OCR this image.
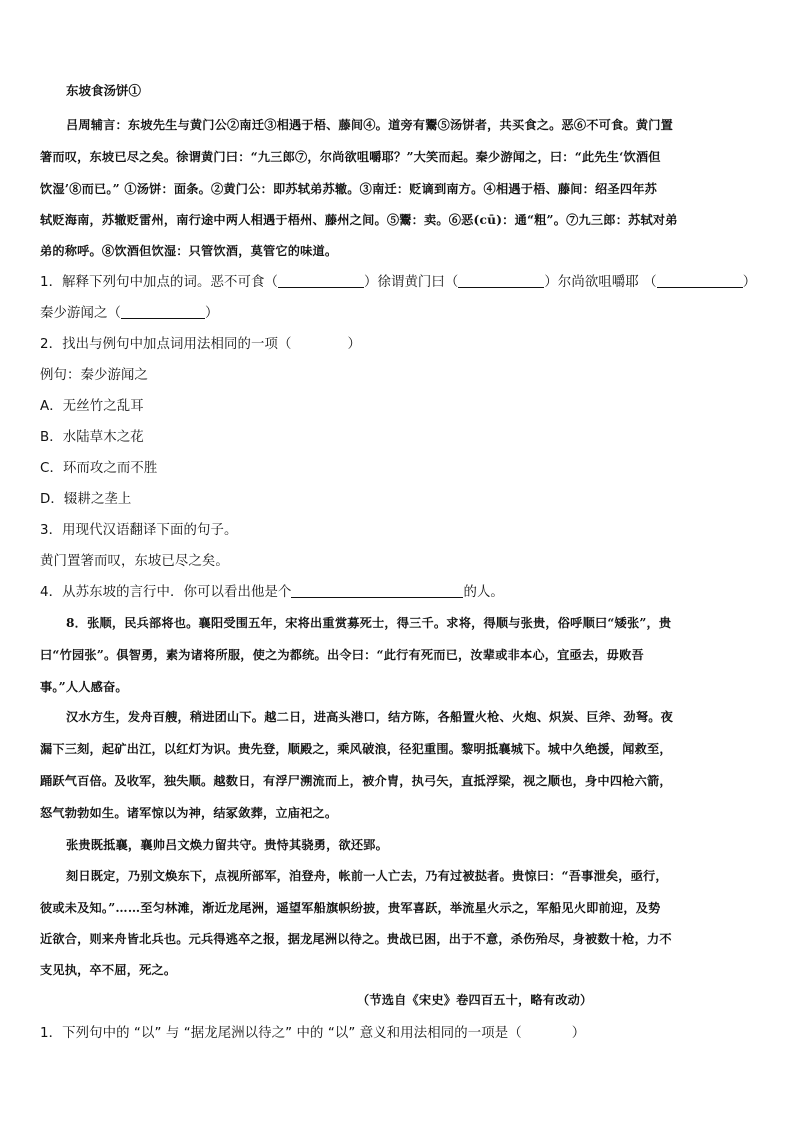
东坡食汤饼①
吕周辅言：东坡先生与黄门公②南迁③相遇于梧、藤间④。道旁有鬻⑤汤饼者，共买食之。恶⑥不可食。黄门置
箸而叹，东坡已尽之矣。徐谓黄门曰：“九三郎⑦，尔尚欲咀嚼耶？”大笑而起。秦少游闻之，曰：“此先生‘饮酒但
饮湿’⑧而已。” ①汤饼：面条。②黄门公：即苏轼弟苏辙。③南迁：贬谪到南方。④相遇于梧、藤间：绍圣四年苏
轼贬海南，苏辙贬雷州，南行途中两人相遇于梧州、藤州之间。⑤鬻：卖。⑥恶(cū)：通“粗”。⑦九三郎：苏轼对弟
弟的称呼。⑧饮酒但饮湿：只管饮酒，莫管它的味道。
1．解释下列句中加点的词。恶不可食（	）徐谓黄门曰（	）尔尚欲咀嚼耶 （	）
秦少游闻之（	）
2．找出与例句中加点词用法相同的一项（	）
例句：秦少游闻之
A．无丝竹之乱耳
B．水陆草木之花
C．环而攻之而不胜
D．辍耕之垄上
3．用现代汉语翻译下面的句子。
黄门置箸而叹，东坡已尽之矣。
4．从苏东坡的言行中．你可以看出他是个	的人。
8．张顺，民兵部将也。襄阳受围五年，宋将出重赏募死士，得三千。求将，得顺与张贵，俗呼顺曰“矮张”，贵
曰“竹园张”。俱智勇，素为诸将所服，使之为都统。出令曰：“此行有死而已，汝辈或非本心，宜亟去，毋败吾
事。”人人感奋。
汉水方生，发舟百艘，稍进团山下。越二日，进高头港口，结方陈，各船置火枪、火炮、炽炭、巨斧、劲弩。夜
漏下三刻，起矿出江，以红灯为识。贵先登，顺殿之，乘风破浪，径犯重围。黎明抵襄城下。城中久绝援，闻救至，
踊跃气百倍。及收军，独失顺。越数日，有浮尸溯流而上，被介胄，执弓矢，直抵浮梁，视之顺也，身中四枪六箭，
怒气勃勃如生。诸军惊以为神，结冢敛葬，立庙祀之。
张贵既抵襄，襄帅吕文焕力留共守。贵恃其骁勇，欲还郢。
刻日既定，乃别文焕东下，点视所部军，洎登舟，帐前一人亡去，乃有过被挞者。贵惊曰：“吾事泄矣，亟行，
彼或未及知。”……至匀林滩，渐近龙尾洲，遥望军船旗帜纷披，贵军喜跃，举流星火示之，军船见火即前迎，及势
近欲合，则来舟皆北兵也。元兵得逃卒之报，据龙尾洲以待之。贵战已困，出于不意，杀伤殆尽，身被数十枪，力不
支见执，卒不屈，死之。
（节选自《宋史》卷四百五十，略有改动）
1．下列句中的 “以” 与 “据龙尾洲以待之” 中的 “以” 意义和用法相同的一项是（	）
